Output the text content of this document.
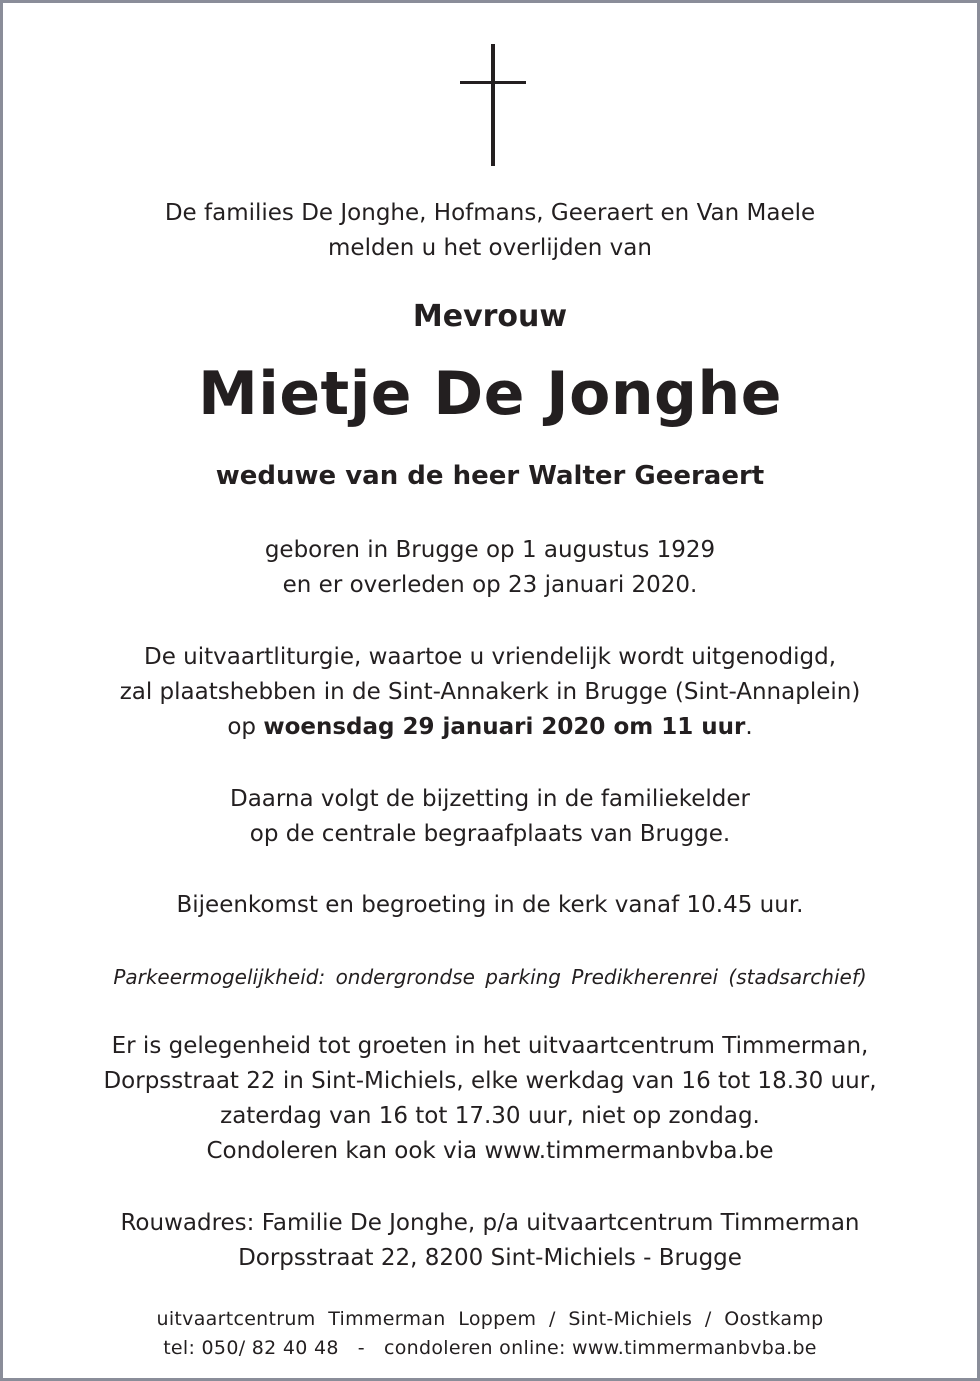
De families De Jonghe, Hofmans, Geeraert en Van Maele
melden u het overlijden van
Mevrouw
Mietje De Jonghe
weduwe van de heer Walter Geeraert
geboren in Brugge op 1 augustus 1929
en er overleden op 23 januari 2020.
De uitvaartliturgie, waartoe u vriendelijk wordt uitgenodigd,
zal plaatshebben in de Sint-Annakerk in Brugge (Sint-Annaplein)
op woensdag 29 januari 2020 om 11 uur.
Daarna volgt de bijzetting in de familiekelder
op de centrale begraafplaats van Brugge.
Bijeenkomst en begroeting in de kerk vanaf 10.45 uur.
Parkeermogelijkheid: ondergrondse parking Predikherenrei (stadsarchief)
Er is gelegenheid tot groeten in het uitvaartcentrum Timmerman,
Dorpsstraat 22 in Sint-Michiels, elke werkdag van 16 tot 18.30 uur,
zaterdag van 16 tot 17.30 uur, niet op zondag.
Condoleren kan ook via www.timmermanbvba.be
Rouwadres: Familie De Jonghe, p/a uitvaartcentrum Timmerman
Dorpsstraat 22, 8200 Sint-Michiels - Brugge
uitvaartcentrum  Timmerman  Loppem  /  Sint-Michiels  /  Oostkamp
tel: 050/ 82 40 48   -   condoleren online: www.timmermanbvba.be
